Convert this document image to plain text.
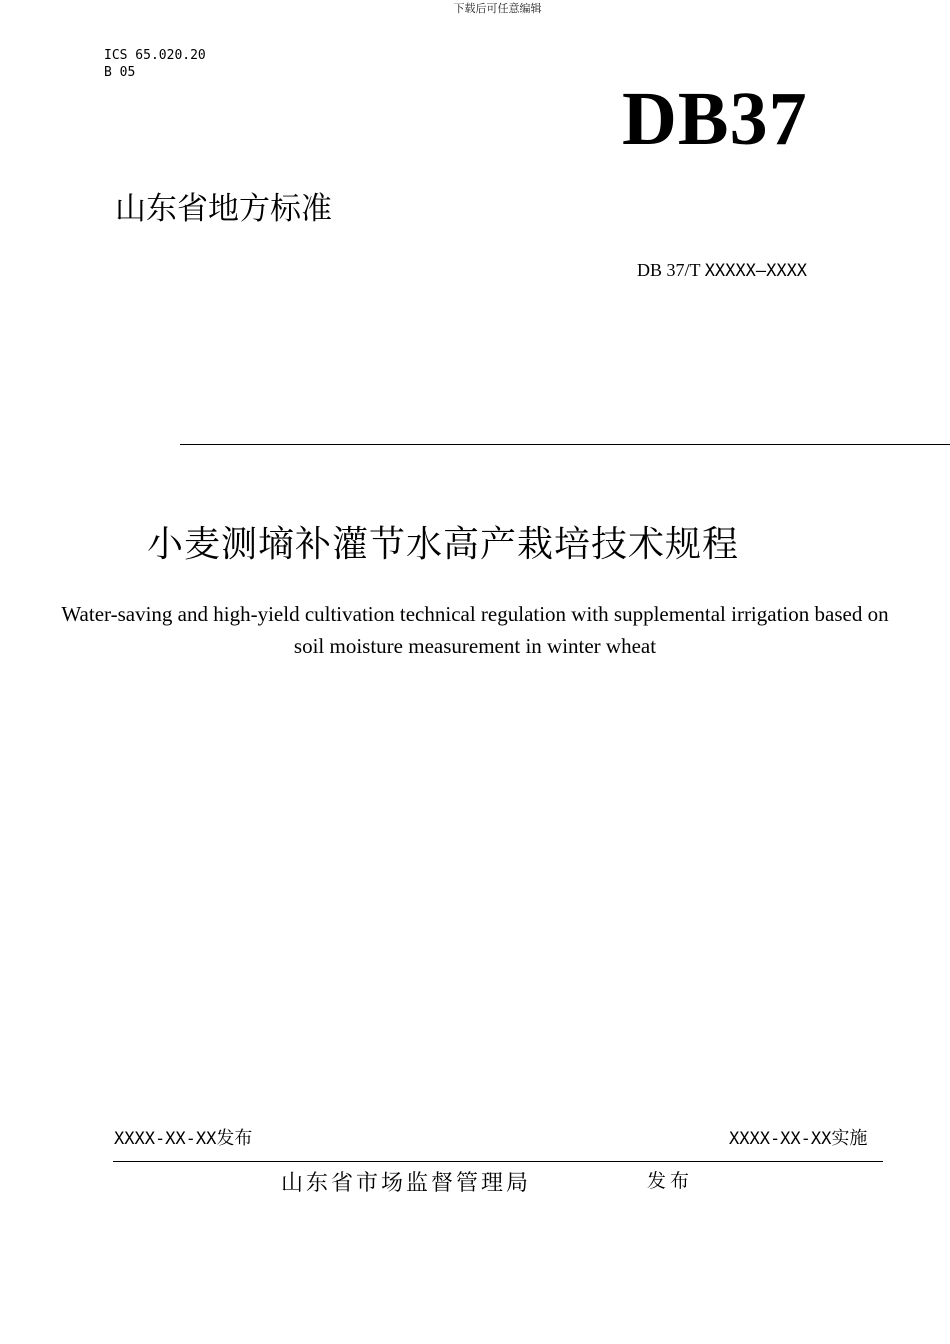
下载后可任意编辑
ICS 65.020.20
B 05
DB37
山东省地方标准
DB 37/T XXXXX—XXXX
小麦测墒补灌节水高产栽培技术规程
Water-saving and high-yield cultivation technical regulation with supplemental irrigation based on soil moisture measurement in winter wheat
XXXX-XX-XX发布	XXXX-XX-XX实施
山东省市场监督管理局	发布
